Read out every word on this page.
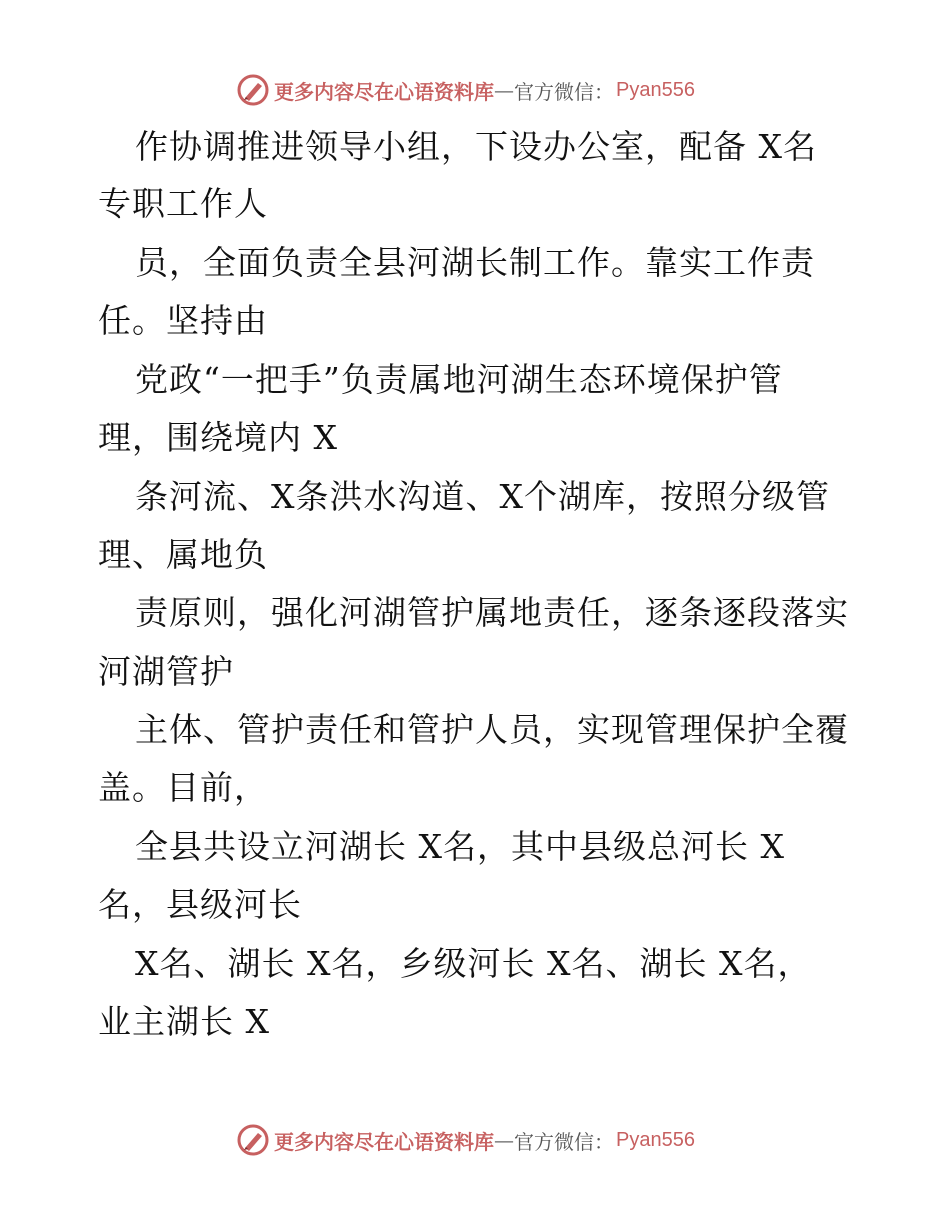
更多内容尽在心语资料库 — 官方微信： Pyan556
作协调推进领导小组，下设办公室，配备 X名
专职工作人
员，全面负责全县河湖长制工作。靠实工作责
任。坚持由
党政“一把手”负责属地河湖生态环境保护管
理，围绕境内 X
条河流、X条洪水沟道、X个湖库，按照分级管
理、属地负
责原则，强化河湖管护属地责任，逐条逐段落实
河湖管护
主体、管护责任和管护人员，实现管理保护全覆
盖。目前，
全县共设立河湖长 X名，其中县级总河长 X
名，县级河长
X名、湖长 X名，乡级河长 X名、湖长 X名，
业主湖长 X
更多内容尽在心语资料库 — 官方微信： Pyan556
